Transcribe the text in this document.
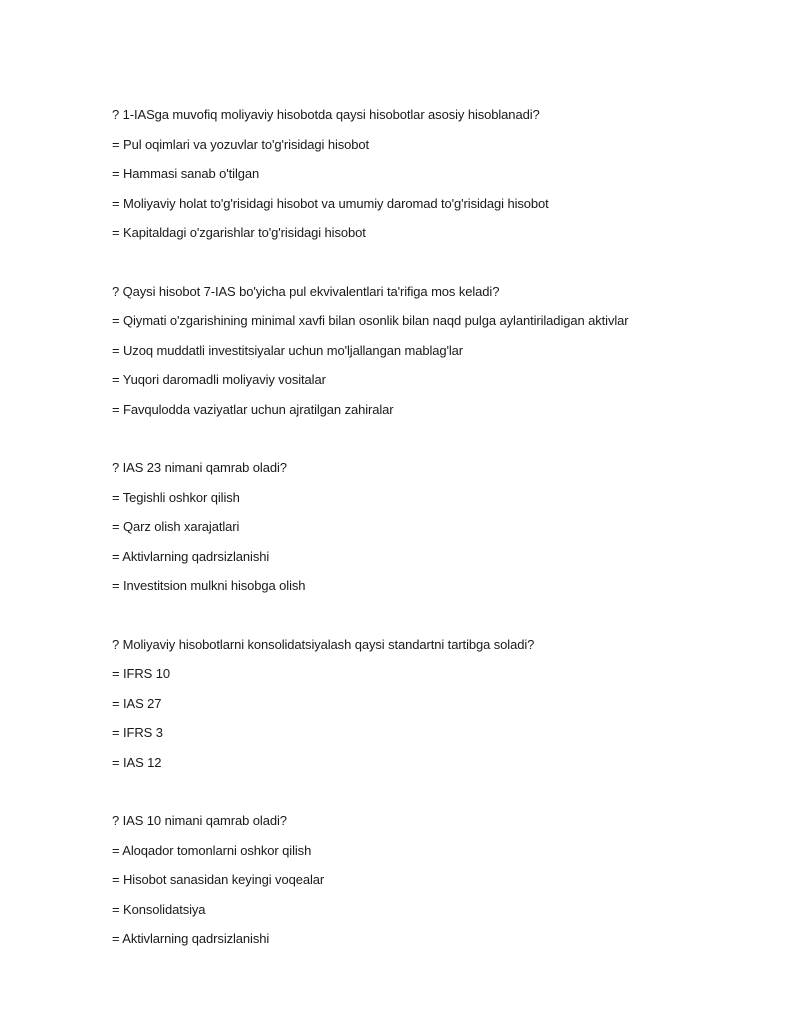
? 1-IASga muvofiq moliyaviy hisobotda qaysi hisobotlar asosiy hisoblanadi?
= Pul oqimlari va yozuvlar to'g'risidagi hisobot
= Hammasi sanab o'tilgan
= Moliyaviy holat to'g'risidagi hisobot va umumiy daromad to'g'risidagi hisobot
= Kapitaldagi o'zgarishlar to'g'risidagi hisobot
? Qaysi hisobot 7-IAS bo'yicha pul ekvivalentlari ta'rifiga mos keladi?
= Qiymati o'zgarishining minimal xavfi bilan osonlik bilan naqd pulga aylantiriladigan aktivlar
= Uzoq muddatli investitsiyalar uchun mo'ljallangan mablag'lar
= Yuqori daromadli moliyaviy vositalar
= Favqulodda vaziyatlar uchun ajratilgan zahiralar
? IAS 23 nimani qamrab oladi?
= Tegishli oshkor qilish
= Qarz olish xarajatlari
= Aktivlarning qadrsizlanishi
= Investitsion mulkni hisobga olish
? Moliyaviy hisobotlarni konsolidatsiyalash qaysi standartni tartibga soladi?
= IFRS 10
= IAS 27
= IFRS 3
= IAS 12
? IAS 10 nimani qamrab oladi?
= Aloqador tomonlarni oshkor qilish
= Hisobot sanasidan keyingi voqealar
= Konsolidatsiya
= Aktivlarning qadrsizlanishi
